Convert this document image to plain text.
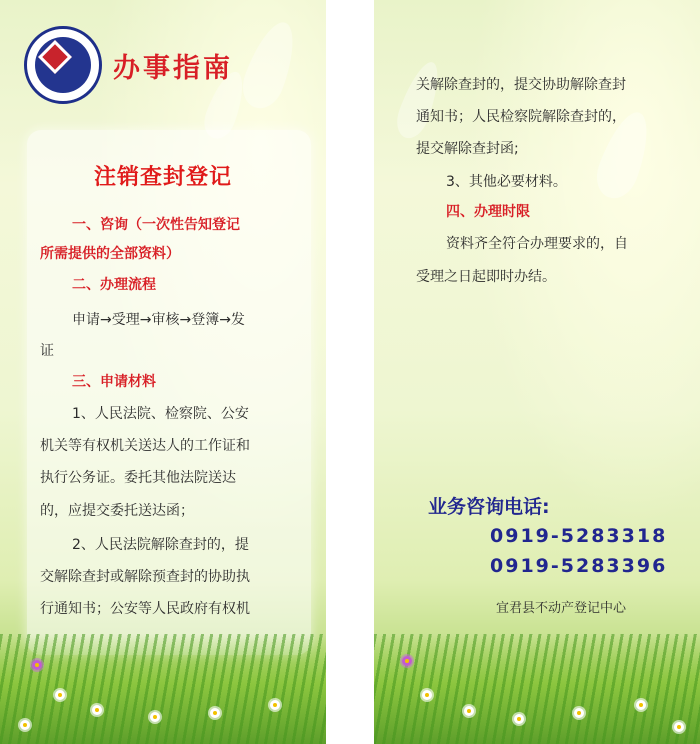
办事指南
注销查封登记
一、咨询（一次性告知登记
所需提供的全部资料）
二、办理流程
申请→受理→审核→登簿→发
证
三、申请材料
1、人民法院、检察院、公安
机关等有权机关送达人的工作证和
执行公务证。委托其他法院送达
的，应提交委托送达函；
2、人民法院解除查封的，提
交解除查封或解除预查封的协助执
行通知书；公安等人民政府有权机
关解除查封的，提交协助解除查封
通知书；人民检察院解除查封的，
提交解除查封函;
3、其他必要材料。
四、办理时限
资料齐全符合办理要求的，自
受理之日起即时办结。
业务咨询电话:
0919-5283318
0919-5283396
宜君县不动产登记中心
